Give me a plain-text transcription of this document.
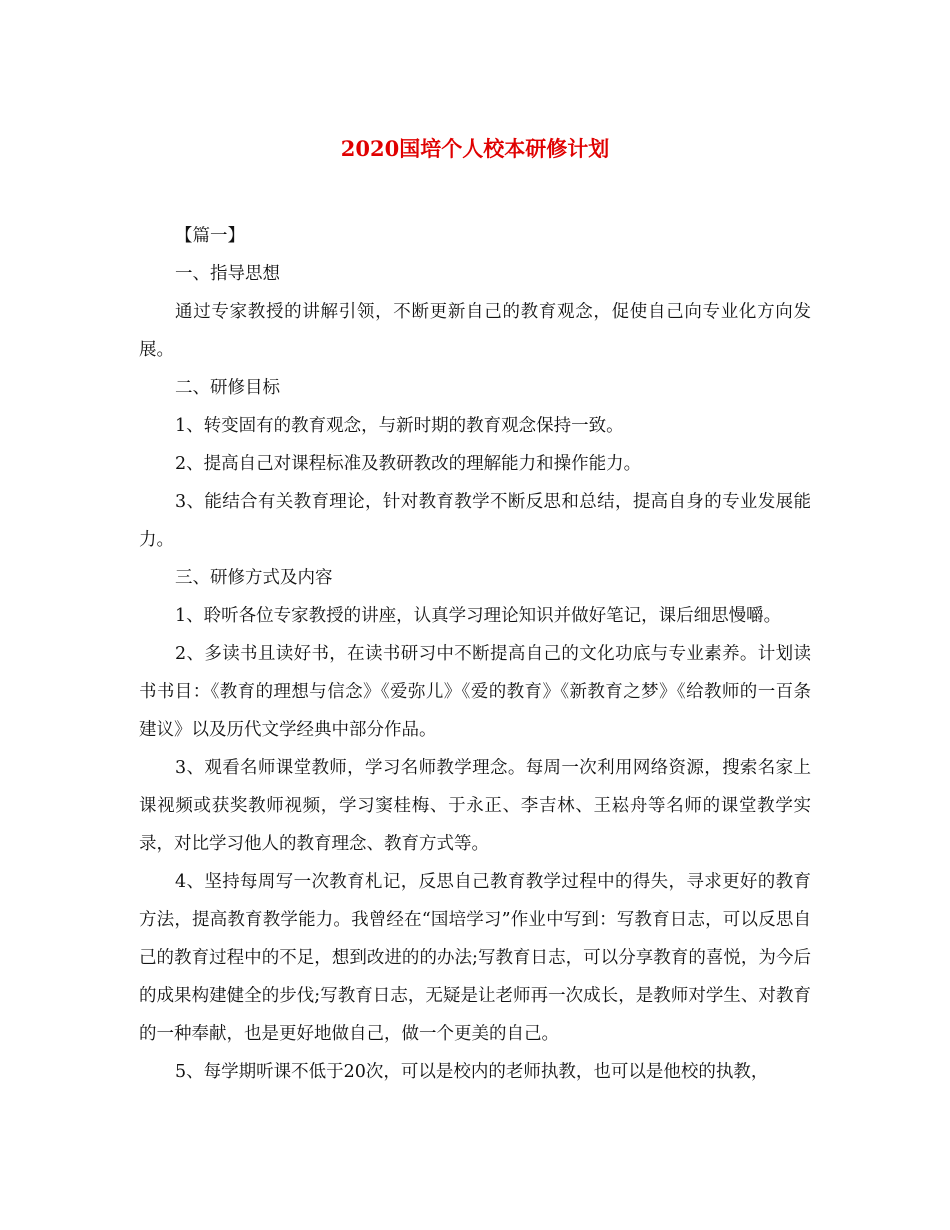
2020国培个人校本研修计划

【篇一】

一、指导思想

通过专家教授的讲解引领，不断更新自己的教育观念，促使自己向专业化方向发展。

二、研修目标

1、转变固有的教育观念，与新时期的教育观念保持一致。

2、提高自己对课程标准及教研教改的理解能力和操作能力。

3、能结合有关教育理论，针对教育教学不断反思和总结，提高自身的专业发展能力。

三、研修方式及内容

1、聆听各位专家教授的讲座，认真学习理论知识并做好笔记，课后细思慢嚼。

2、多读书且读好书，在读书研习中不断提高自己的文化功底与专业素养。计划读书书目：《教育的理想与信念》《爱弥儿》《爱的教育》《新教育之梦》《给教师的一百条建议》以及历代文学经典中部分作品。

3、观看名师课堂教师，学习名师教学理念。每周一次利用网络资源，搜索名家上课视频或获奖教师视频，学习窦桂梅、于永正、李吉林、王崧舟等名师的课堂教学实录，对比学习他人的教育理念、教育方式等。

4、坚持每周写一次教育札记，反思自己教育教学过程中的得失，寻求更好的教育方法，提高教育教学能力。我曾经在“国培学习”作业中写到：写教育日志，可以反思自己的教育过程中的不足，想到改进的的办法;写教育日志，可以分享教育的喜悦，为今后的成果构建健全的步伐;写教育日志，无疑是让老师再一次成长，是教师对学生、对教育的一种奉献，也是更好地做自己，做一个更美的自己。

5、每学期听课不低于20次，可以是校内的老师执教，也可以是他校的执教，
